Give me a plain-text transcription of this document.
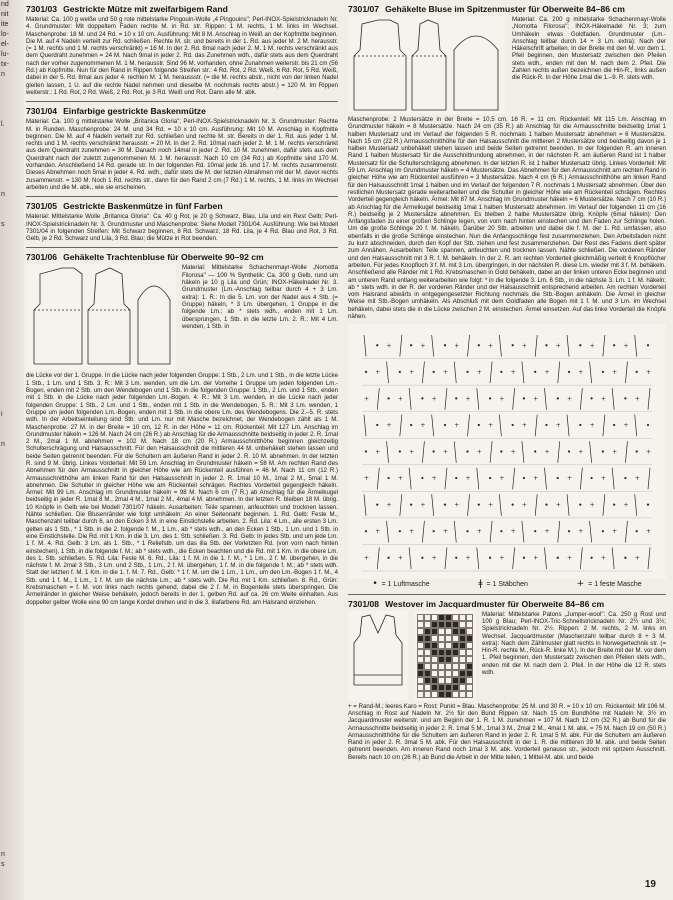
nd
nit
ite
lo-
el-
lu-
tx-
n

l.

n

s

i

n

n
s
7301/03 Gestrickte Mütze mit zweifarbigem Rand

Material: Ca. 100 g weiße und 50 g rote mittelstarke Pingouin-Wolle „4 Pingouins"; Perl-INOX-Spielstricknadeln Nr. 4. Grundmuster: Mit doppeltem Faden rechte M. in Rd. str. Rippen: 1 M. rechts, 1 M. links im Wechsel. Maschenprobe: 18 M. und 24 Rd. = 10 x 10 cm. Ausführung: Mit 8 M. Anschlag in Weiß an der Kopfmitte beginnen. Die M. auf 4 Nadeln verteilt zur Rd. schließen. Rechte M. str. und bereits in der 1. Rd. aus jeder M. 2 M. herausstr. (= 1 M. rechts und 1 M. rechts verschränkt) = 16 M. In der 2. Rd. 8mal nach jeder 2. M. 1 M. rechts verschränkt aus dem Querdraht zunehmen = 24 M. Nach 9mal in jeder 2. Rd. das Zunehmen wdh., dafür stets aus dem Querdraht nach der vorher zugenommenen M. 1 M. herausstr. Sind 96 M. vorhanden, ohne Zunahmen weiterstr. bis 21 cm (56 Rd.) ab Kopfmitte. Nun für den Rand in Rippen folgende Streifen str.: 4 Rd. Rot, 2 Rd. Weiß, 6 Rd. Rot, 5 Rd. Weiß, dabei in der 5. Rd. 8mal aus jeder 4. rechten M. 1 M. heraussstr. (= die M. rechts abstr., nicht von der linken Nadel gleiten lassen, 1 U. auf die rechte Nadel nehmen und dieselbe M. nochmals rechts abstr.) = 120 M. Im Rippen weiterstr.: 1 Rd. Rot, 2 Rd. Weiß, 2 Rd. Rot, je 3 Rd. Weiß und Rot. Dann alle M. abk.

7301/04 Einfarbige gestrickte Baskenmütze

Material: Ca. 100 g mittelstarke Wolle „Britanica Gloria"; Perl-INOX-Spielstricknadeln Nr. 3. Grundmuster: Rechte M. in Runden. Maschenprobe: 24 M. und 34 Rd. = 10 x 10 cm. Ausführung: Mit 10 M. Anschlag in Kopfmitte beginnen. Die M. auf 4 Nadeln verteilt zur Rd. schließen und rechte M. str. Bereits in der 1. Rd. aus jeder 1 M. rechts und 1 M. rechts verschränkt herausstr. = 20 M. In der 2. Rd. 10mal nach jeder 2. M. 1 M. rechts verschränkt aus dem Querdraht zunehmen = 30 M. Danach noch 14mal in jeder 2. Rd. 10 M. zunehmen, dafür stets aus dem Querdraht nach der zuletzt zugenommenen M. 1 M. herausstr. Nach 10 cm (34 Rd.) ab Kopfmitte sind 170 M. vorhanden. Anschließend 14 Rd. gerade str. In der folgenden Rd. 10mal jede 16. und 17. M. rechts zusammenstr. Dieses Abnehmen noch 5mal in jeder 4. Rd. wdh., dafür stets die M. der letzten Abnahmen mit der M. davor rechts zusammenstr. = 130 M. Noch 1 Rd. rechts str., dann für den Rand 2 cm (7 Rd.) 1 M. rechts, 1 M. links im Wechsel arbeiten und die M. abk., wie sie erscheinen.

7301/05 Gestrickte Baskenmütze in fünf Farben

Material: Mittelstarke Wolle „Britanica Gloria": Ca. 40 g Rot, je 20 g Schwarz, Blau, Lila und ein Rest Gelb; Perl-INOX-Spielstricknadeln Nr. 3. Grundmuster und Maschenprobe: Siehe Modell 7301/04. Ausführung: Wie bei Modell 7301/04 in folgenden Streifen: Mit Schwarz beginnen, 8 Rd. Schwarz, 18 Rd. Lila, je 4 Rd. Blau und Rot, 3 Rd. Gelb, je 2 Rd. Schwarz und Lila, 3 Rd. Blau; die Mütze in Rot beenden.

7301/06 Gehäkelte Trachtenbluse für Oberweite 90–92 cm

Material: Mittelstarke Schachenmayr-Wolle „Nomotta Filorosa" — 100 % Synthetik: Ca. 300 g Gelb, rund um häkeln je 10 g Lila und Grün; INOX-Häkelnadel Nr. 3. Grundmuster (Lm.-Anschlag teilbar durch 4 + 3 Lm. extra): 1. R.: In die 5. Lm. von der Nadel aus 4 Stb. (= Gruppe) häkeln, * 3 Lm. übergehen, 1 Gruppe in die folgende Lm.; ab * stets wdh., enden mit 1 Lm. übersprungen, 1 Stb. in die letzte Lm. 2. R.: Mit 4 Lm. wenden, 1 Stb. in

die Lücke vor der 1. Gruppe. In die Lücke nach jeder folgenden Gruppe: 1 Stb., 2 Lm. und 1 Stb., in die letzte Lücke 1 Stb., 1 Lm. und 1 Stb. 3. R.: Mit 3 Lm. wenden, um die Lm. der Vorreihe 1 Gruppe um jeden folgenden Lm.-Bogen, enden mit 2 Stb. um den Wendebogen und 1 Stb. in die folgenden Gruppe: 1 Stb., 2 Lm. und 1 Stb., enden mit 1 Stb. in die Lücke nach jeder folgenden Lm.-Bogen. 4. R.: Mit 3 Lm. wenden, in die Lücke nach jeder folgenden Gruppe: 1 Stb., 2 Lm. und 1 Stb., enden mit 1 Stb. in die Wendebogen, 5. R.: Mit 3 Lm. wenden, 1 Gruppe um jeden folgenden Lm.-Bogen, enden mit 1 Stb. in die obere Lm. des Wendebogens. Die 2.–5. R. stets wdh. In der Arbeitseinteilung sind Stb. und Lm. nur mit Masche bezeichnet, der Wendebogen zählt als 1 M. Maschenprobe: 27 M. in der Breite = 10 cm, 12 R. in der Höhe = 11 cm. Rückenteil: Mit 127 Lm. Anschlag im Grundmuster häkeln = 126 M. Nach 24 cm (26 R.) ab Anschlag für die Armausschnitte beidseitig in jeder 2. R. 1mal 2 M., 2mal 1 M. abnehmen = 102 M. Nach 18 cm (20 R.) Armausschnitthöhe beginnen gleichzeitig Schulterschrägung und Halsausschnitt. Für den Halsausschnitt die mittleren 44 M. unbehäkelt stehen lassen und beide Seiten getrennt beenden. Für die Schultern am äußeren Rand in jeder 2. R. 10 M. abnehmen. In der letzten R. sind 9 M. übrig. Linkes Vorderteil: Mit 59 Lm. Anschlag im Grundmuster häkeln = 58 M. Am rechten Rand des Abnehmen für den Armausschnitt in gleicher Höhe wie am Rückenteil ausführen = 46 M. Nach 11 cm (12 R.) Armausschnitthöhe am linken Rand für den Halsausschnitt in jeder 2. R. 1mal 10 M., 1mal 2 M., 5mal 1 M. abnehmen. Die Schulter in gleicher Höhe wie am Rückenteil schrägen. Rechtes Vorderteil gegengleich häkeln. Ärmel: Mit 99 Lm. Anschlag im Grundmuster häkeln = 98 M. Nach 6 cm (7 R.) ab Anschlag für die Ärmelkugel beidseitig in jeder R. 1mal 8 M., 2mal 4 M., 1mal 2 M., 4mal 4 M. abnehmen. In der letzten R. bleiben 18 M. übrig. 10 Knöpfe in Gelb wie bei Modell 7301/07 häkeln. Ausarbeiten: Teile spannen, anfeuchten und trocknen lassen. Nähte schließen. Die Blusenränder wie folgt umhäkeln: An einer Seitennaht beginnen. 1. Rd. Gelb: Feste M., Maschenzahl teilbar durch 6, an den Ecken 3 M. in eine Einstichstelle arbeiten. 2. Rd. Lila: 4 Lm., alle ersten 3 Lm. gelten als 1 Stb., * 1 Stb. in die 2. folgende f. M., 1 Lm., ab * stets wdh., an den Ecken 1 Stb., 1 Lm. und 1 Stb. in eine Einstichstelle. Die Rd. mit 1 Km. in die 3. Lm. des 1. Stb. schließen. 3. Rd. Gelb: In jedes Stb. und um jede Lm. 1 f. M. 4. Rd. Gelb: 3 Lm. als 1. Stb., * 1 Reliefstb. um das lila Stb. der Vorletzten Rd. (von vorn nach hinten einstechen), 1 Stb. in die folgende f. M.; ab * stets wdh., die Ecken beachten und die Rd. mit 1 Km. in die obere Lm. des 1. Stb. schließen. 5. Rd. Lila: Feste M. 6. Rd., Lila: 1 f. M. in die 1. f. M., * 1 Lm., 2 f. M. übergehen, in die nächste f. M. 2mal 3 Stb., 3 Lm. und 2 Stb., 1 Lm., 2 f. M. übergehen, 1 f. M. in die folgende f. M.; ab * stets wdh. Statt der letzten f. M. 1 Km. in die 1. f. M. 7. Rd., Gelb: * 1 f. M. um die 1 Lm., 1 Lm., um den Lm.-Bogen 1 f. M., 4 Stb. und 1 f. M., 1 Lm., 1 f. M. um die nächste Lm.; ab * stets wdh. Die Rd. mit 1 Km. schließen. 8. Rd., Grün: Krebsmaschen = f. M. von links nach rechts gehend, dabei die 2 f. M. in Bogenteile stets überspringen. Die Ärmelränder in gleicher Weise behäkeln, jedoch bereits in der 1. gelben Rd. auf ca. 26 cm Weite einhalten. Aus doppelter gelber Wolle eine 90 cm lange Kordel drehen und in die 3. lilafarbene Rd. am Halsrand einziehen.

7301/07 Gehäkelte Bluse im Spitzenmuster für Oberweite 84–86 cm

Material: Ca. 200 g mittelstarke Schachenmayr-Wolle „Nomotta Filorosa"; INOX-Häkelnadel Nr. 3; zum Umhäkeln etwas Goldfaden. Grundmuster (Lm.-Anschlag teilbar durch 14 + 3 Lm. extra): Nach der Häkelschrift arbeiten. In der Breite mit den M. vor dem 1. Pfeil beginnen, den Mustersatz zwischen den Pfeilen stets wdh., enden mit den M. nach dem 2. Pfeil. Die Zahlen rechts außen bezeichnen die Hin-R., links außen die Rück-R. In der Höhe 1mal die 1.–9. R. stets wdh.

Maschenprobe: 2 Mustersätze in der Breite = 10,5 cm, 16 R. = 11 cm. Rückenteil: Mit 115 Lm. Anschlag im Grundmuster häkeln = 8 Mustersätze. Nach 24 cm (35 R.) ab Anschlag für die Armausschnitte beidseitig 1mal 1 halben Mustersatz und im Verlauf der folgenden 5 R. nochmals 1 halben Mustersatz abnehmen = 6 Mustersätze. Nach 15 cm (22 R.) Armausschnitthöhe für den Halsausschnitt die mittleren 2 Mustersätze und beidseitig davon je 1 halben Mustersatz unbehäkelt stehen lassen und beide Seiten getrennt beenden. In der folgenden R. am inneren Rand 1 halben Mustersatz für die Ausschnittrundung abnehmen, in der nächsten R. am äußeren Rand ist 1 halber Mustersatz für die Schulterschrägung abnehmen. In der letzten R. ist 1 halber Mustersatz übrig. Linkes Vorderteil: Mit 59 Lm. Anschlag im Grundmuster häkeln = 4 Mustersätze. Das Abnehmen für den Armausschnitt am rechten Rand in gleicher Höhe wie am Rückenteil ausführen = 3 Mustersätze. Nach 4 cm (6 R.) Armausschnitthöhe am linken Rand für den Halsausschnitt 1mal 1 halben und im Verlauf der folgenden 7 R. nochmals 1 Mustersatz abnehmen. Über den restlichen Mustersatz gerade weiterarbeiten und die Schulter in gleicher Höhe wie am Rückenteil schrägen. Rechtes Vorderteil gegengleich häkeln. Ärmel: Mit 87 M. Anschlag im Grundmuster häkeln = 6 Mustersätze. Nach 7 cm (10 R.) ab Anschlag für die Ärmelkugel beidseitig 1mal 1 halben Mustersatz abnehmen. Im Verlauf der folgenden 11 cm (16 R.) beidseitig je 2 Mustersätze abnehmen. Es bleiben 2 halbe Mustersätze übrig. Knöpfe (6mal häkeln): Den Anfangsfaden zu einer großen Schlinge legen, von vorn nach hinten einstechen und den Faden zur Schlinge holen. Um die große Schlinge 20 f. M. häkeln. Darüber 20 Stb. arbeiten und dabei die f. M. der 1. Rd. umfassen, also ebenfalls in die große Schlinge einstechen. Nun die Anfangsschlinge fest zusammenziehen. Den Arbeitsfaden nicht zu kurz abschneiden, durch den Kopf der Stb. ziehen und fest zusammenziehen. Der Rest des Fadens dient später zum Annähen. Ausarbeiten: Teile spannen, anfeuchten und trocknen lassen. Nähte schließen. Die vorderen Ränder und den Halsausschnitt mit 3 R. f. M. behäkeln. In der 2. R. am rechten Vorderteil gleichmäßig verteilt 6 Knopflöcher arbeiten. Für jedes Knopfloch 3 f. M. mit 3 Lm. übergringen, in der nächsten R. diese Lm. wieder mit 3 f. M. behäkeln. Anschließend alle Ränder mit 1 Rd. Krebsmaschen in Gold behäkeln, dabei an der linken unteren Ecke beginnen und am unteren Rand entlang weiterarbeiten wie folgt: * in die folgende 3. Lm. 6 Stb., in die nächste 3. Lm. 1 f. M. häkeln; ab * stets wdh. in der R. der vorderen Ränder und der Halsausschnitt entsprechend arbeiten. Am rechten Vorderteil vom Halsrand abwärts in entgegengesetzter Richtung nochmals die Stb.-Bogen anhäkeln. Die Ärmel in gleicher Weise mit Stb.-Bogen umhäkeln. Als Abschluß mit dem Goldfaden alle Bogen mit 1 f. M. und 3 Lm. im Wechsel behäkeln, dabei stets die in die Lücke zwischen 2 M. einstechen. Ärmel einsetzen. Auf das linke Vorderteil die Knöpfe nähen.

+	+	+	+	+	+	+	+
+	+	+	+	+	+	+	+	+
+	+	+	+	+	+	+	+	+
+	+	+	+	+	+	+	+
+	+	+	+	+	+	+	+	+
+	+	+	+	+	+	+	+	+
+	+	+	+	+	+	+	+
+	+	+	+	+	+	+	+	+
+	+	+	+	+	+	+	+	+
• = 1 Luftmasche	ǂ = 1 Stäbchen	+ = 1 feste Masche
7301/08 Westover im Jacquardmuster für Oberweite 84–86 cm

Material: Mittelstarke Patons „Jumper-wool": Ca. 250 g Rost und 100 g Blau; Perl-INOX-Tric-Schnellstricknadeln Nr. 2½ und 3½; Spielstricknadeln Nr. 2½. Rippen: 2 M. rechts, 2 M. links im Wechsel. Jacquardmuster (Maschenzahl teilbar durch 8 + 3 M. extra): Nach dem Zählmuster glatt rechts in Norwegertechnik str. (= Hin-R. rechte M., Rück-R. linke M.). In der Breite mit der M. vor dem 1. Pfeil beginnen, den Mustersatz zwischen den Pfeilen stets wdh., enden mit der M. nach dem 2. Pfeil. In der Höhe die 12 R. stets wdh.

+ = Rand-M.; leeres Karo = Rost; Punkt = Blau. Maschenprobe: 25 M. und 30 R. = 10 x 10 cm. Rückenteil: Mit 106 M. Anschlag in Rost auf Nadeln Nr. 2½ für den Bund Rippen str. Nach 15 cm Bundhöhe mit Nadeln Nr. 3½ im Jacquardmuster weiterstr. und am Beginn der 1. R. 1 M. zunehmen = 107 M. Nach 12 cm (32 R.) ab Bund für die Armausschnitte beidseitig in jeder 2. R. 1mal 5 M., 1mal 3 M., 2mal 2 M., 4mal 1 M. abk. = 75 M. Nach 19 cm (50 R.) Armausschnitthöhe für die Schultern am äußeren Rand in jeder 2. R. 1mal 5 M. abk. Für die Schultern am äußeren Rand in jeder 2. R. 3mal 5 M. abk. Für den Halsausschnitt in der 1. R. die mittleren 39 M. abk. und beide Seiten getrennt beenden. Am inneren Rand noch 1mal 3 M. abk. Vorderteil genauso str., jedoch mit spitzem Ausschnitt. Bereits nach 10 cm (26 R.) ab Bund die Arbeit in der Mitte teilen, 1 Mittel-M. abk. und beide

19
